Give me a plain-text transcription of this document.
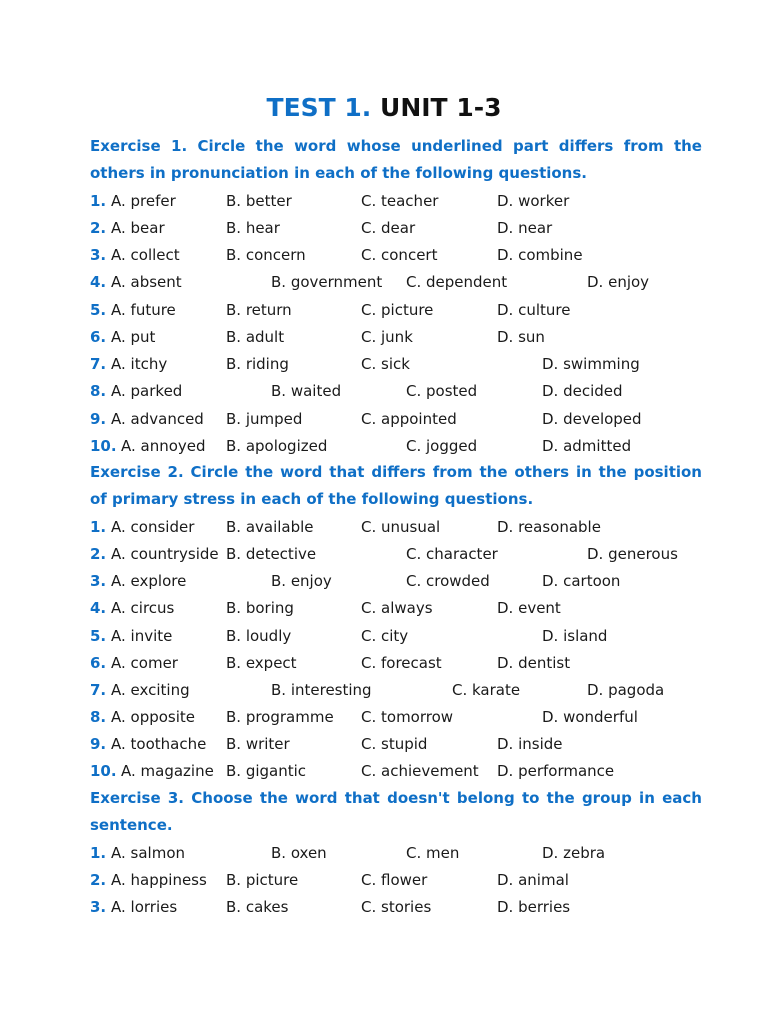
TEST 1. UNIT 1-3
Exercise 1. Circle the word whose underlined part differs from the others in pronunciation in each of the following questions.
1. A. prefer	B. better	C. teacher	D. worker
2. A. bear	B. hear	C. dear	D. near
3. A. collect	B. concern	C. concert	D. combine
4. A. absent	B. government C. dependent	D. enjoy
5. A. future	B. return	C. picture	D. culture
6. A. put	B. adult	C. junk	D. sun
7. A. itchy	B. riding	C. sick	D. swimming
8. A. parked	B. waited	C. posted	D. decided
9. A. advanced B. jumped	C. appointed	D. developed
10. A. annoyed B. apologized	C. jogged	D. admitted
Exercise 2. Circle the word that differs from the others in the position of primary stress in each of the following questions.
1. A. consider B. available	C. unusual	D. reasonable
2. A. countryside B. detective	C. character	D. generous
3. A. explore	B. enjoy	C. crowded	D. cartoon
4. A. circus	B. boring	C. always	D. event
5. A. invite	B. loudly	C. city	D. island
6. A. comer	B. expect	C. forecast	D. dentist
7. A. exciting	B. interesting	C. karate	D. pagoda
8. A. opposite B. programme C. tomorrow	D. wonderful
9. A. toothache B. writer	C. stupid	D. inside
10. A. magazine B. gigantic	C. achievement D. performance
Exercise 3. Choose the word that doesn't belong to the group in each sentence.
1. A. salmon	B. oxen	C. men	D. zebra
2. A. happiness B. picture	C. flower	D. animal
3. A. lorries	B. cakes	C. stories	D. berries
